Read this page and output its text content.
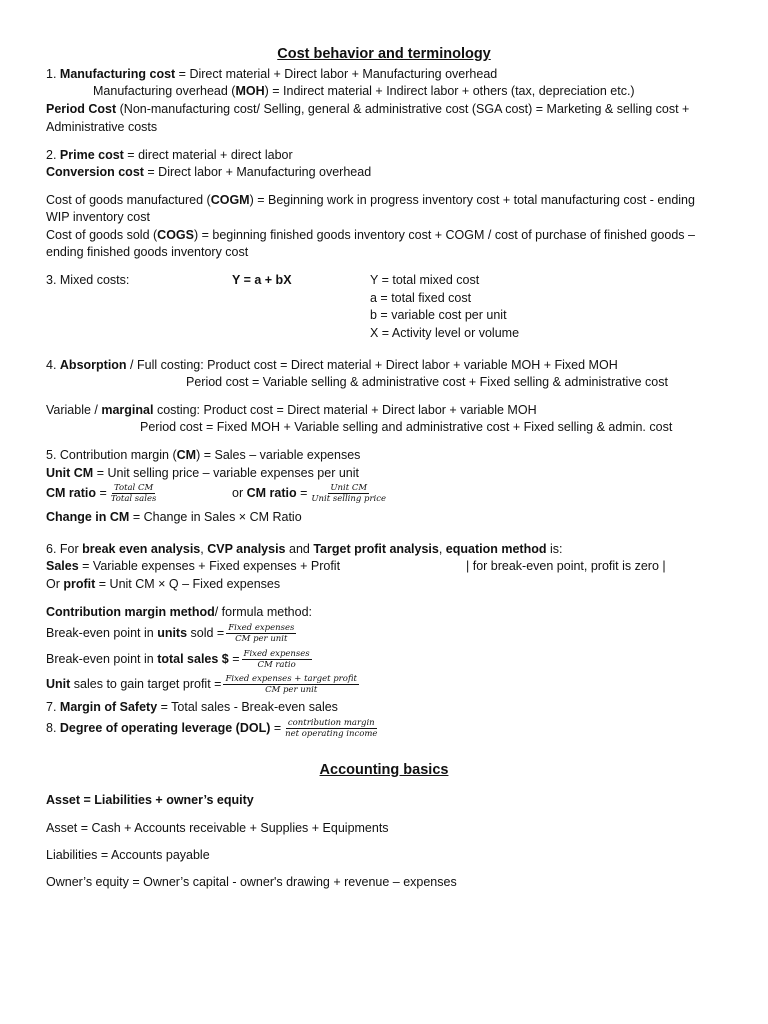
Cost behavior and terminology
1. Manufacturing cost = Direct material + Direct labor + Manufacturing overhead
Manufacturing overhead (MOH) = Indirect material + Indirect labor + others (tax, depreciation etc.)
Period Cost (Non-manufacturing cost/ Selling, general & administrative cost (SGA cost) = Marketing & selling cost +
Administrative costs
2. Prime cost = direct material + direct labor
Conversion cost = Direct labor + Manufacturing overhead
Cost of goods manufactured (COGM) = Beginning work in progress inventory cost + total manufacturing cost - ending
WIP inventory cost
Cost of goods sold (COGS) = beginning finished goods inventory cost + COGM / cost of purchase of finished goods –
ending finished goods inventory cost
3. Mixed costs:	Y = a + bX	Y = total mixed cost
a = total fixed cost
b = variable cost per unit
X = Activity level or volume
4. Absorption / Full costing: Product cost = Direct material + Direct labor + variable MOH + Fixed MOH
Period cost = Variable selling & administrative cost + Fixed selling & administrative cost
Variable / marginal costing: Product cost = Direct material + Direct labor + variable MOH
Period cost = Fixed MOH + Variable selling and administrative cost + Fixed selling & admin. cost
5. Contribution margin (CM) = Sales – variable expenses
Unit CM = Unit selling price – variable expenses per unit
CM ratio = $\frac{\text{Total CM}}{\text{Total sales}}$	or CM ratio = $\frac{\text{Unit CM}}{\text{Unit selling price}}$
Change in CM = Change in Sales × CM Ratio
6. For break even analysis, CVP analysis and Target profit analysis, equation method is:
Sales = Variable expenses + Fixed expenses + Profit	| for break-even point, profit is zero |
Or profit = Unit CM × Q – Fixed expenses
Contribution margin method/ formula method:
Break-even point in units sold = $\frac{\text{Fixed expenses}}{\text{CM per unit}}$
Break-even point in total sales $ = $\frac{\text{Fixed expenses}}{\text{CM ratio}}$
Unit sales to gain target profit = $\frac{\text{Fixed expenses + target profit}}{\text{CM per unit}}$
7. Margin of Safety = Total sales - Break-even sales
8. Degree of operating leverage $(DOL) = \frac{\text{contribution margin}}{\text{net operating income}}$
Accounting basics
Asset = Liabilities + owner’s equity
Asset = Cash + Accounts receivable + Supplies + Equipments
Liabilities = Accounts payable
Owner’s equity = Owner’s capital - owner's drawing + revenue – expenses
